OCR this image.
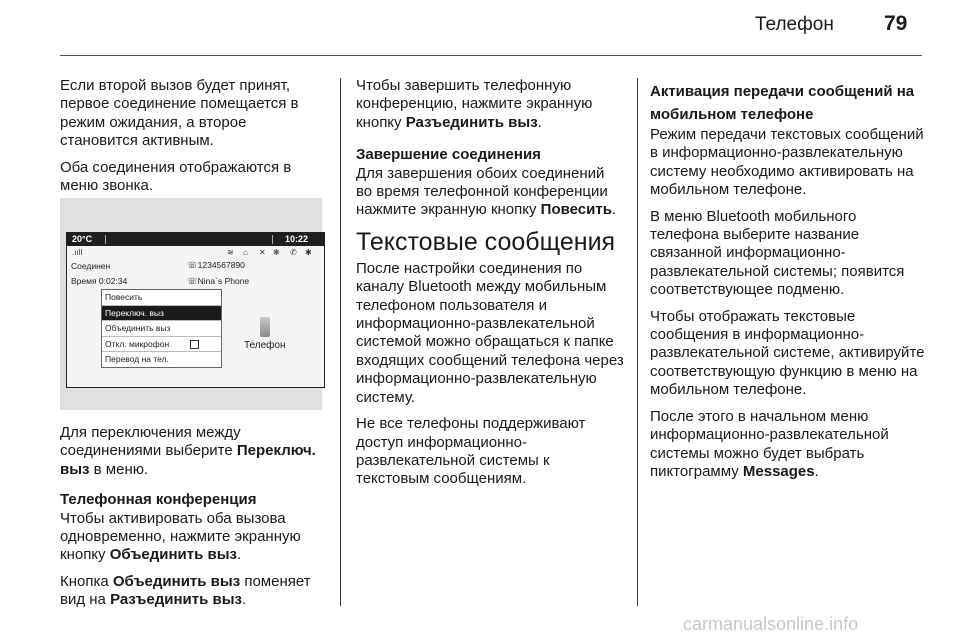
Телефон 79

Если второй вызов будет принят, первое соединение помещается в режим ожидания, а второе становится активным.

Оба соединения отображаются в меню звонка.

20°C	10:22
.ııll	≋ ⌂ ✕ ❋ ✆ ✱
Соединен	☏1234567890
Время 0:02:34	☏Nina`s Phone
Повесить
Переключ. выз
Объединить выз
Откл. микрофон
Перевод на тел.
Телефон

Для переключения между соединениями выберите Переключ. выз в меню.

Телефонная конференция

Чтобы активировать оба вызова одновременно, нажмите экранную кнопку Объединить выз.

Кнопка Объединить выз поменяет вид на Разъединить выз.

Чтобы завершить телефонную конференцию, нажмите экранную кнопку Разъединить выз.

Завершение соединения

Для завершения обоих соединений во время телефонной конференции нажмите экранную кнопку Повесить.

Текстовые сообщения

После настройки соединения по каналу Bluetooth между мобильным телефоном пользователя и информационно-развлекательной системой можно обращаться к папке входящих сообщений телефона через информационно-развлекательную систему.

Не все телефоны поддерживают доступ информационно-развлекательной системы к текстовым сообщениям.

Активация передачи сообщений на мобильном телефоне

Режим передачи текстовых сообщений в информационно-развлекательную систему необходимо активировать на мобильном телефоне.

В меню Bluetooth мобильного телефона выберите название связанной информационно-развлекательной системы; появится соответствующее подменю.

Чтобы отображать текстовые сообщения в информационно-развлекательной системе, активируйте соответствующую функцию в меню на мобильном телефоне.

После этого в начальном меню информационно-развлекательной системы можно будет выбрать пиктограмму Messages.

carmanualsonline.info
